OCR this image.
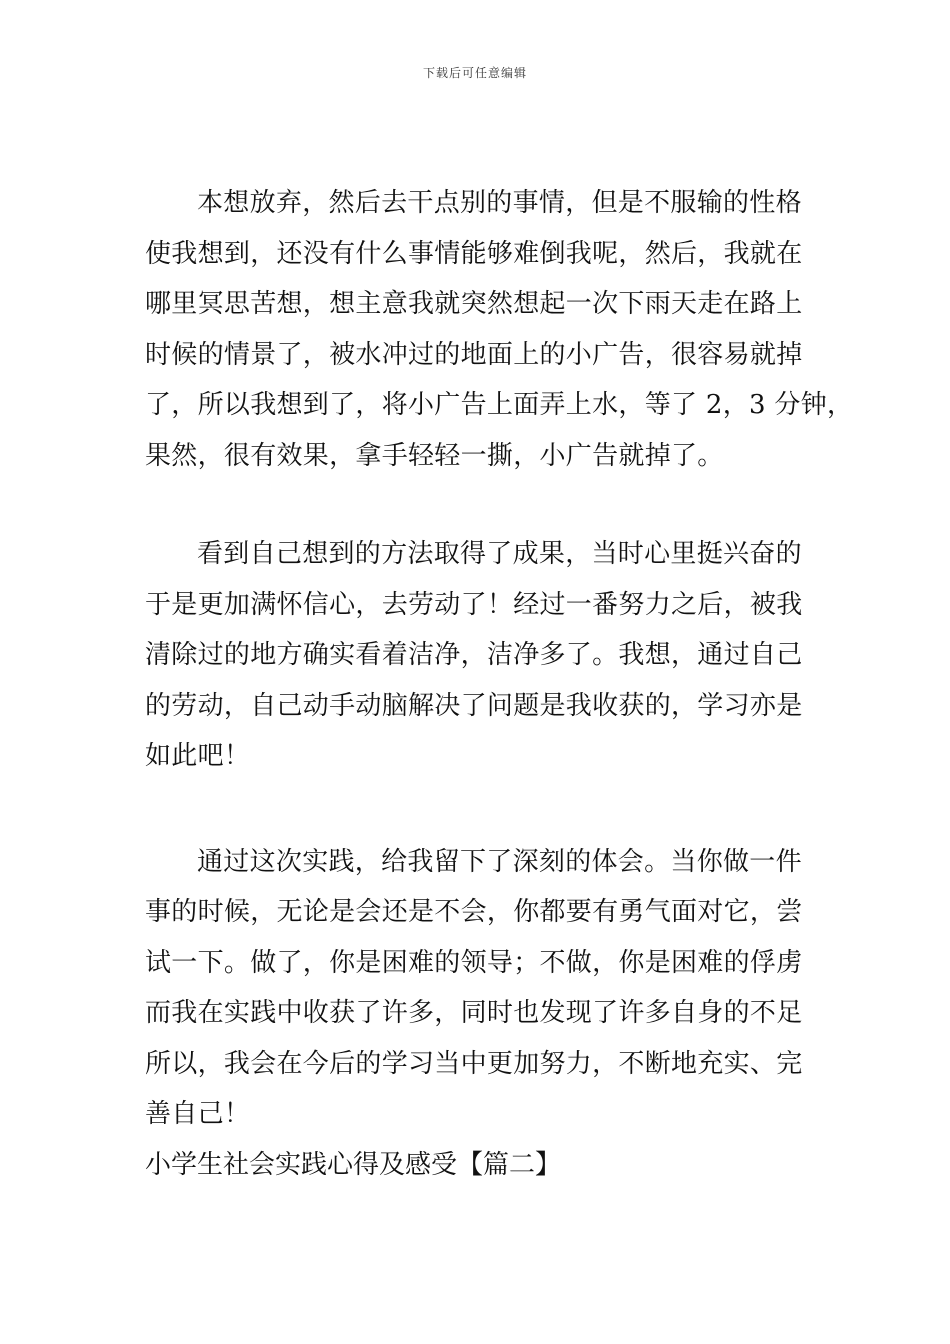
下载后可任意编辑
本想放弃，然后去干点别的事情，但是不服输的性格
使我想到，还没有什么事情能够难倒我呢，然后，我就在
哪里冥思苦想，想主意我就突然想起一次下雨天走在路上
时候的情景了，被水冲过的地面上的小广告，很容易就掉
了，所以我想到了，将小广告上面弄上水，等了 2，3 分钟，
果然，很有效果，拿手轻轻一撕，小广告就掉了。
看到自己想到的方法取得了成果，当时心里挺兴奋的
于是更加满怀信心，去劳动了！经过一番努力之后，被我
清除过的地方确实看着洁净，洁净多了。我想，通过自己
的劳动，自己动手动脑解决了问题是我收获的，学习亦是
如此吧！
通过这次实践，给我留下了深刻的体会。当你做一件
事的时候，无论是会还是不会，你都要有勇气面对它，尝
试一下。做了，你是困难的领导；不做，你是困难的俘虏
而我在实践中收获了许多，同时也发现了许多自身的不足
所以，我会在今后的学习当中更加努力，不断地充实、完
善自己！
小学生社会实践心得及感受【篇二】
